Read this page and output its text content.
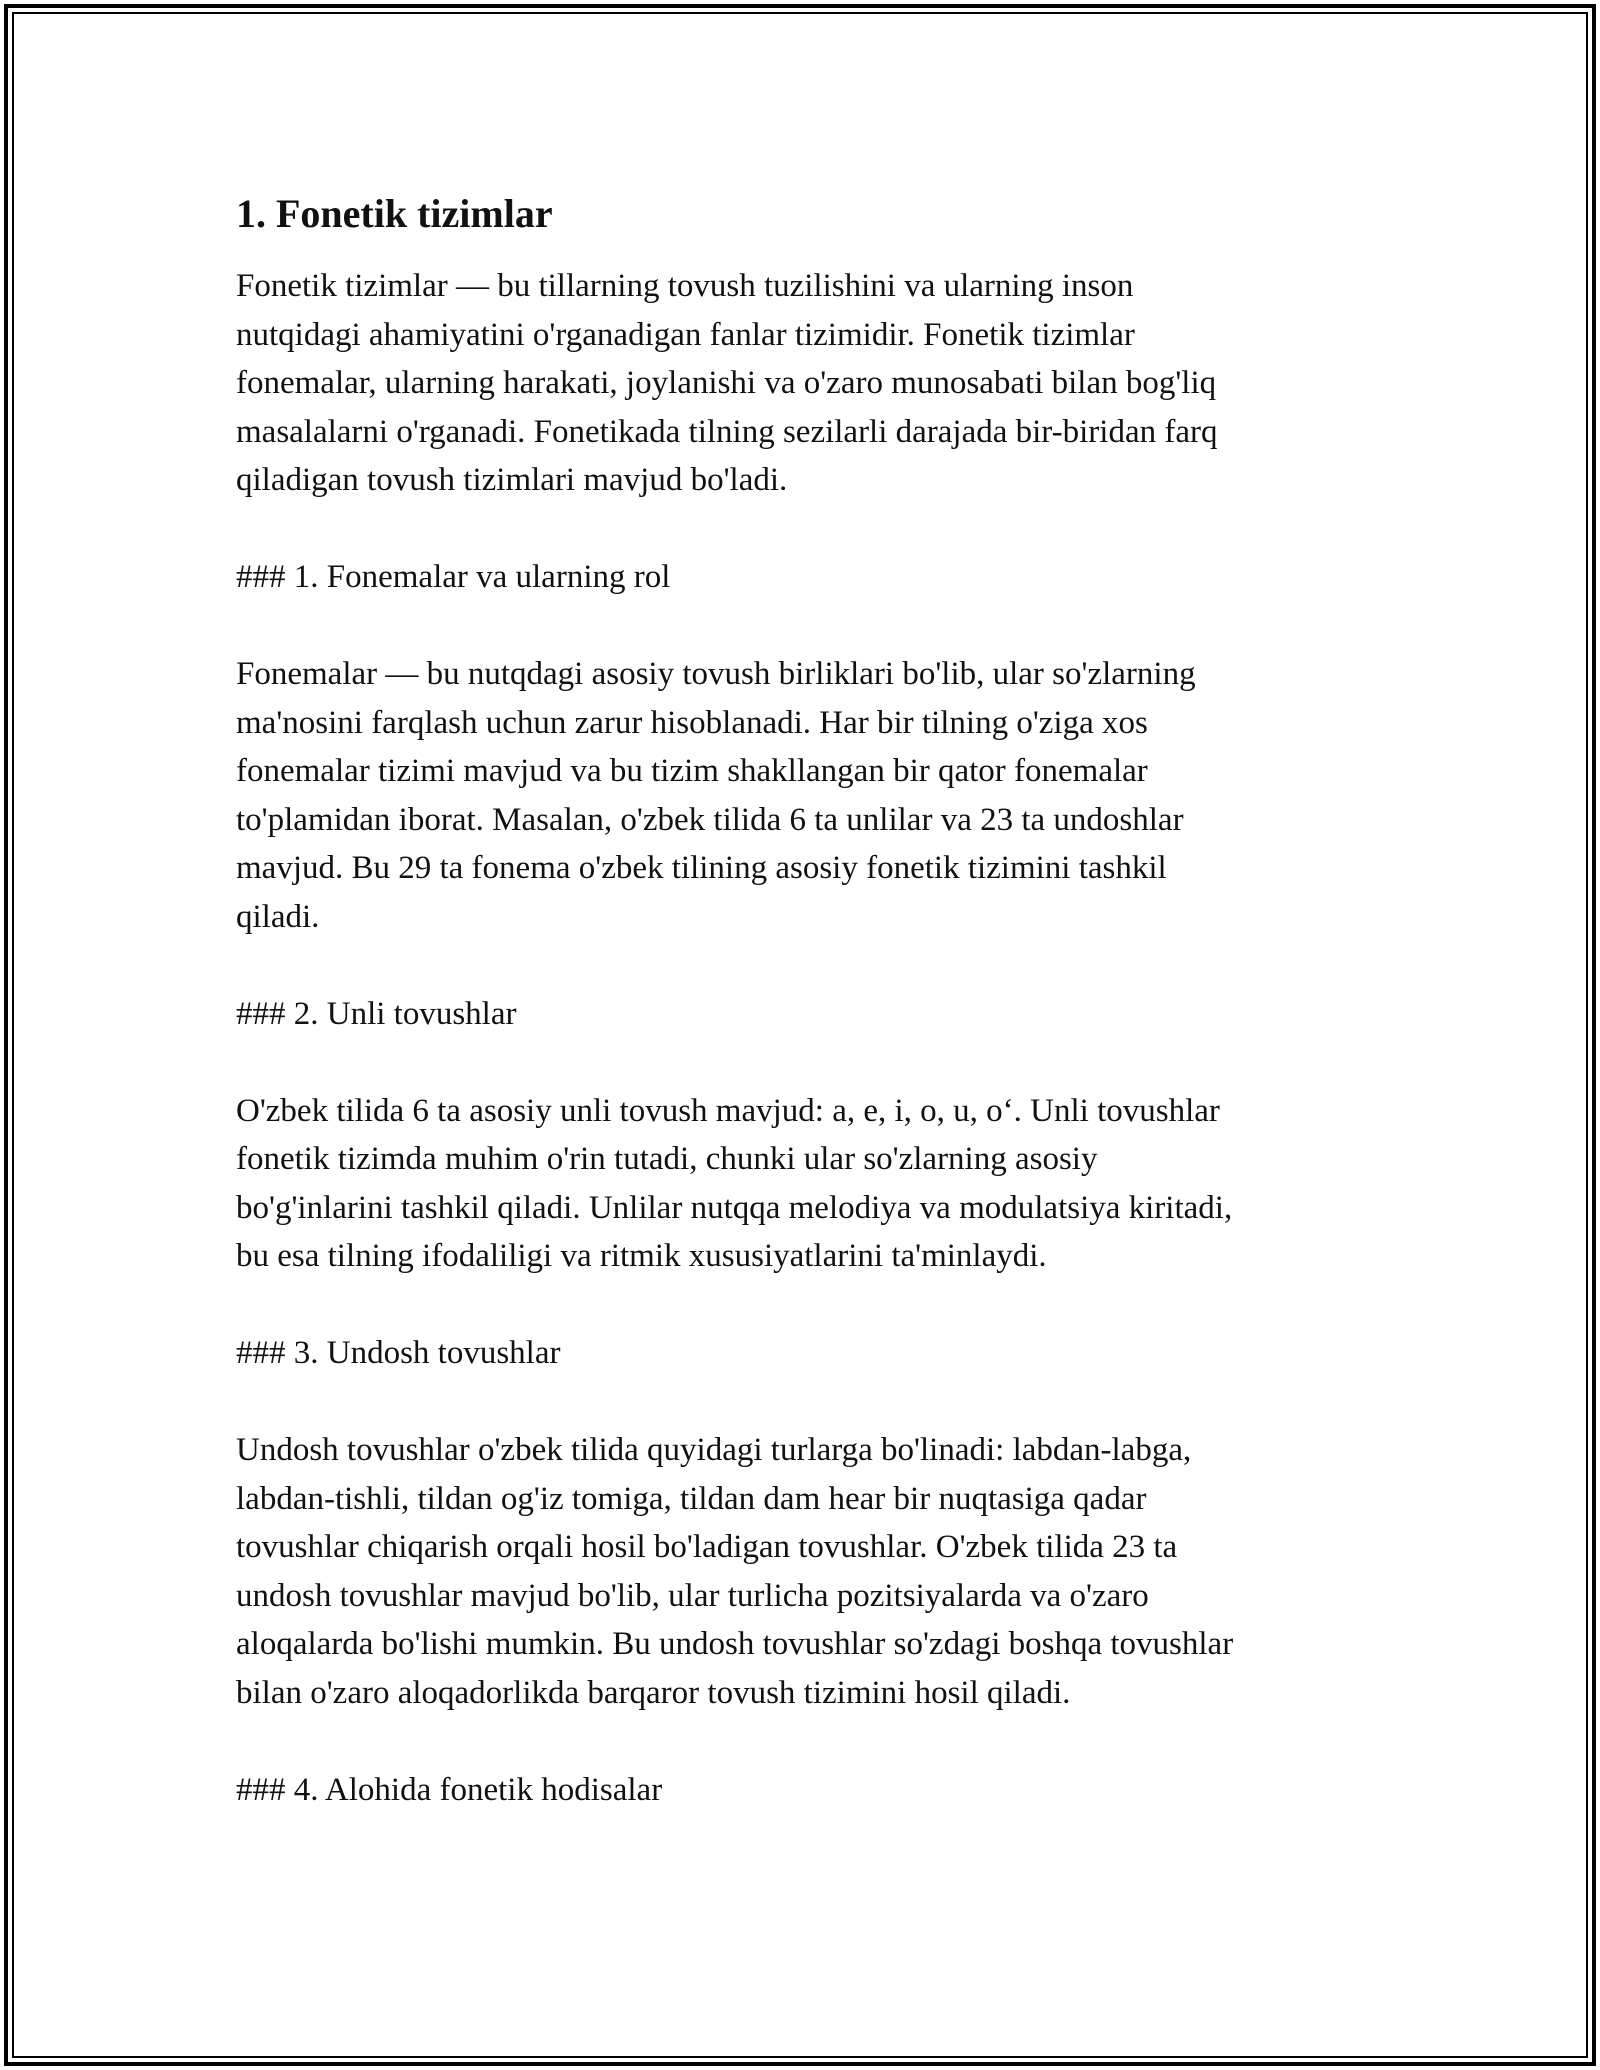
1. Fonetik tizimlar

Fonetik tizimlar — bu tillarning tovush tuzilishini va ularning inson
nutqidagi ahamiyatini o'rganadigan fanlar tizimidir. Fonetik tizimlar
fonemalar, ularning harakati, joylanishi va o'zaro munosabati bilan bog'liq
masalalarni o'rganadi. Fonetikada tilning sezilarli darajada bir-biridan farq
qiladigan tovush tizimlari mavjud bo'ladi.

### 1. Fonemalar va ularning rol

Fonemalar — bu nutqdagi asosiy tovush birliklari bo'lib, ular so'zlarning
ma'nosini farqlash uchun zarur hisoblanadi. Har bir tilning o'ziga xos
fonemalar tizimi mavjud va bu tizim shakllangan bir qator fonemalar
to'plamidan iborat. Masalan, o'zbek tilida 6 ta unlilar va 23 ta undoshlar
mavjud. Bu 29 ta fonema o'zbek tilining asosiy fonetik tizimini tashkil
qiladi.

### 2. Unli tovushlar

O'zbek tilida 6 ta asosiy unli tovush mavjud: a, e, i, o, u, o‘. Unli tovushlar
fonetik tizimda muhim o'rin tutadi, chunki ular so'zlarning asosiy
bo'g'inlarini tashkil qiladi. Unlilar nutqqa melodiya va modulatsiya kiritadi,
bu esa tilning ifodaliligi va ritmik xususiyatlarini ta'minlaydi.

### 3. Undosh tovushlar

Undosh tovushlar o'zbek tilida quyidagi turlarga bo'linadi: labdan-labga,
labdan-tishli, tildan og'iz tomiga, tildan dam hear bir nuqtasiga qadar
tovushlar chiqarish orqali hosil bo'ladigan tovushlar. O'zbek tilida 23 ta
undosh tovushlar mavjud bo'lib, ular turlicha pozitsiyalarda va o'zaro
aloqalarda bo'lishi mumkin. Bu undosh tovushlar so'zdagi boshqa tovushlar
bilan o'zaro aloqadorlikda barqaror tovush tizimini hosil qiladi.

### 4. Alohida fonetik hodisalar
